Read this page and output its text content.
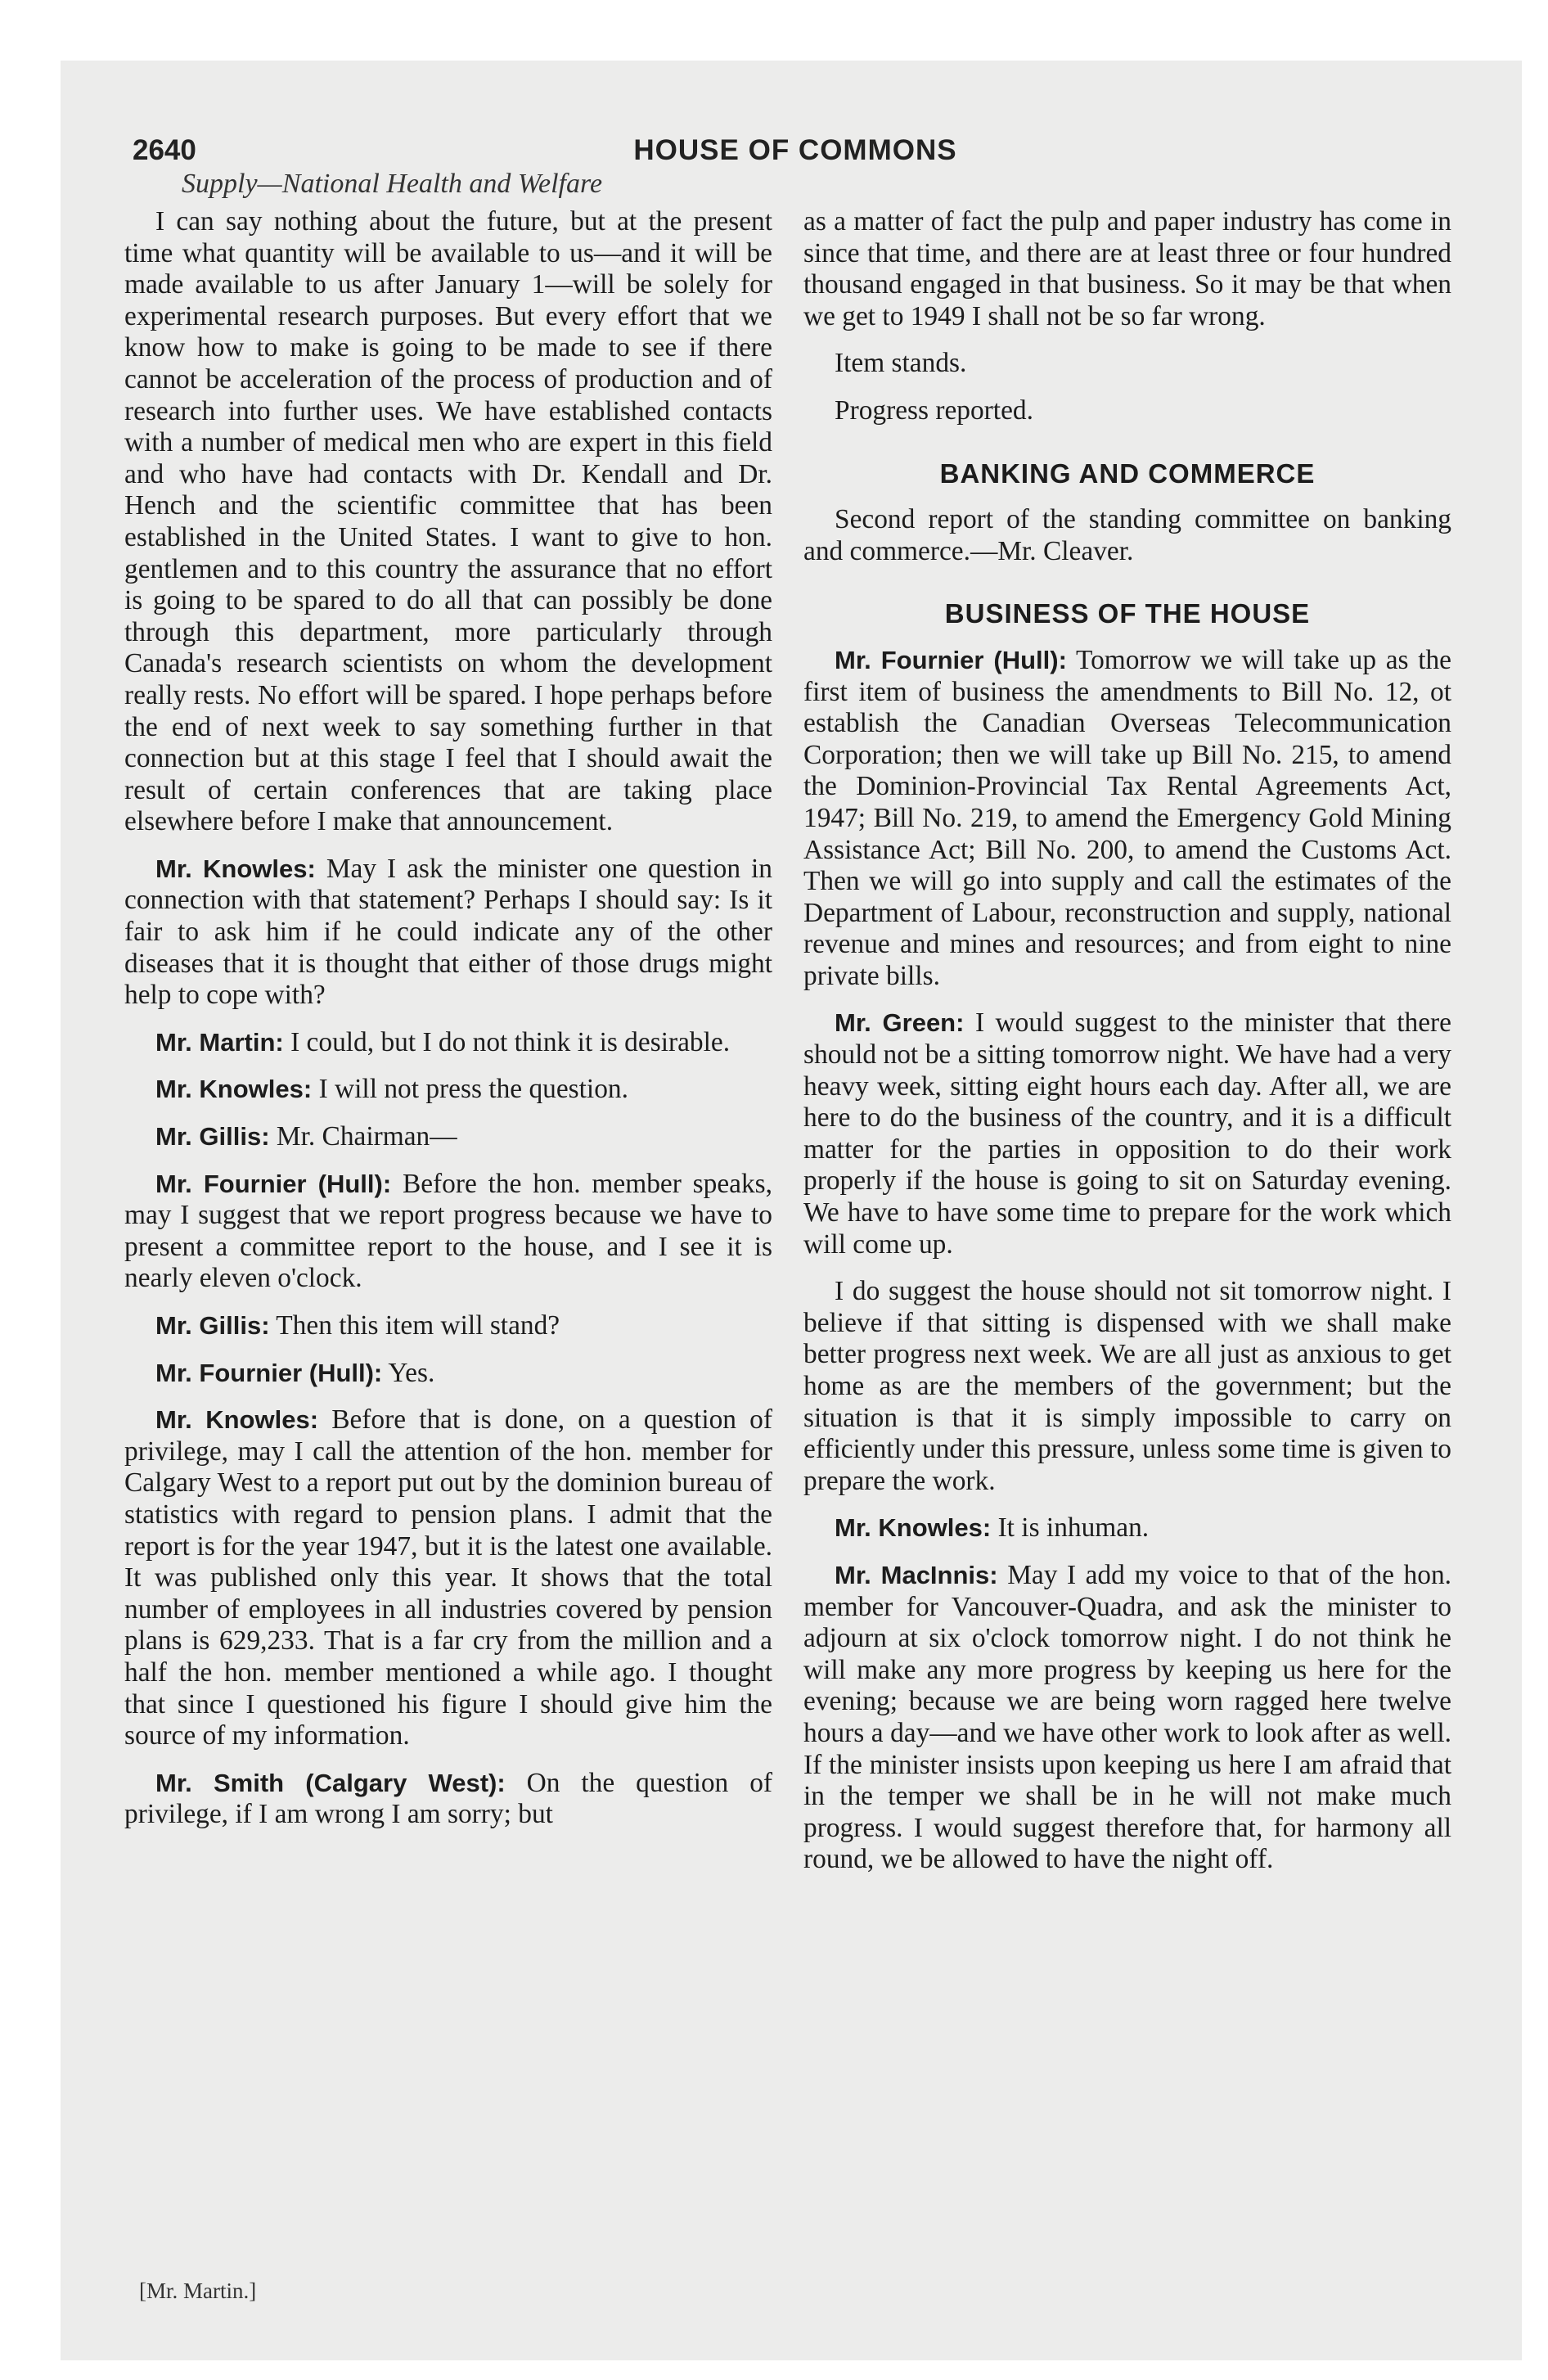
2640	HOUSE OF COMMONS
Supply—National Health and Welfare

I can say nothing about the future, but at the present time what quantity will be available to us—and it will be made available to us after January 1—will be solely for experimental research purposes. But every effort that we know how to make is going to be made to see if there cannot be acceleration of the process of production and of research into further uses. We have established contacts with a number of medical men who are expert in this field and who have had contacts with Dr. Kendall and Dr. Hench and the scientific committee that has been established in the United States. I want to give to hon. gentlemen and to this country the assurance that no effort is going to be spared to do all that can possibly be done through this department, more particularly through Canada's research scientists on whom the development really rests. No effort will be spared. I hope perhaps before the end of next week to say something further in that connection but at this stage I feel that I should await the result of certain conferences that are taking place elsewhere before I make that announcement.

Mr. Knowles: May I ask the minister one question in connection with that statement? Perhaps I should say: Is it fair to ask him if he could indicate any of the other diseases that it is thought that either of those drugs might help to cope with?

Mr. Martin: I could, but I do not think it is desirable.

Mr. Knowles: I will not press the question.

Mr. Gillis: Mr. Chairman—

Mr. Fournier (Hull): Before the hon. member speaks, may I suggest that we report progress because we have to present a committee report to the house, and I see it is nearly eleven o'clock.

Mr. Gillis: Then this item will stand?

Mr. Fournier (Hull): Yes.

Mr. Knowles: Before that is done, on a question of privilege, may I call the attention of the hon. member for Calgary West to a report put out by the dominion bureau of statistics with regard to pension plans. I admit that the report is for the year 1947, but it is the latest one available. It was published only this year. It shows that the total number of employees in all industries covered by pension plans is 629,233. That is a far cry from the million and a half the hon. member mentioned a while ago. I thought that since I questioned his figure I should give him the source of my information.

Mr. Smith (Calgary West): On the question of privilege, if I am wrong I am sorry; but

as a matter of fact the pulp and paper industry has come in since that time, and there are at least three or four hundred thousand engaged in that business. So it may be that when we get to 1949 I shall not be so far wrong.

Item stands.

Progress reported.

BANKING AND COMMERCE

Second report of the standing committee on banking and commerce.—Mr. Cleaver.

BUSINESS OF THE HOUSE

Mr. Fournier (Hull): Tomorrow we will take up as the first item of business the amendments to Bill No. 12, ot establish the Canadian Overseas Telecommunication Corporation; then we will take up Bill No. 215, to amend the Dominion-Provincial Tax Rental Agreements Act, 1947; Bill No. 219, to amend the Emergency Gold Mining Assistance Act; Bill No. 200, to amend the Customs Act. Then we will go into supply and call the estimates of the Department of Labour, reconstruction and supply, national revenue and mines and resources; and from eight to nine private bills.

Mr. Green: I would suggest to the minister that there should not be a sitting tomorrow night. We have had a very heavy week, sitting eight hours each day. After all, we are here to do the business of the country, and it is a difficult matter for the parties in opposition to do their work properly if the house is going to sit on Saturday evening. We have to have some time to prepare for the work which will come up.

I do suggest the house should not sit tomorrow night. I believe if that sitting is dispensed with we shall make better progress next week. We are all just as anxious to get home as are the members of the government; but the situation is that it is simply impossible to carry on efficiently under this pressure, unless some time is given to prepare the work.

Mr. Knowles: It is inhuman.

Mr. MacInnis: May I add my voice to that of the hon. member for Vancouver-Quadra, and ask the minister to adjourn at six o'clock tomorrow night. I do not think he will make any more progress by keeping us here for the evening; because we are being worn ragged here twelve hours a day—and we have other work to look after as well. If the minister insists upon keeping us here I am afraid that in the temper we shall be in he will not make much progress. I would suggest therefore that, for harmony all round, we be allowed to have the night off.

[Mr. Martin.]
